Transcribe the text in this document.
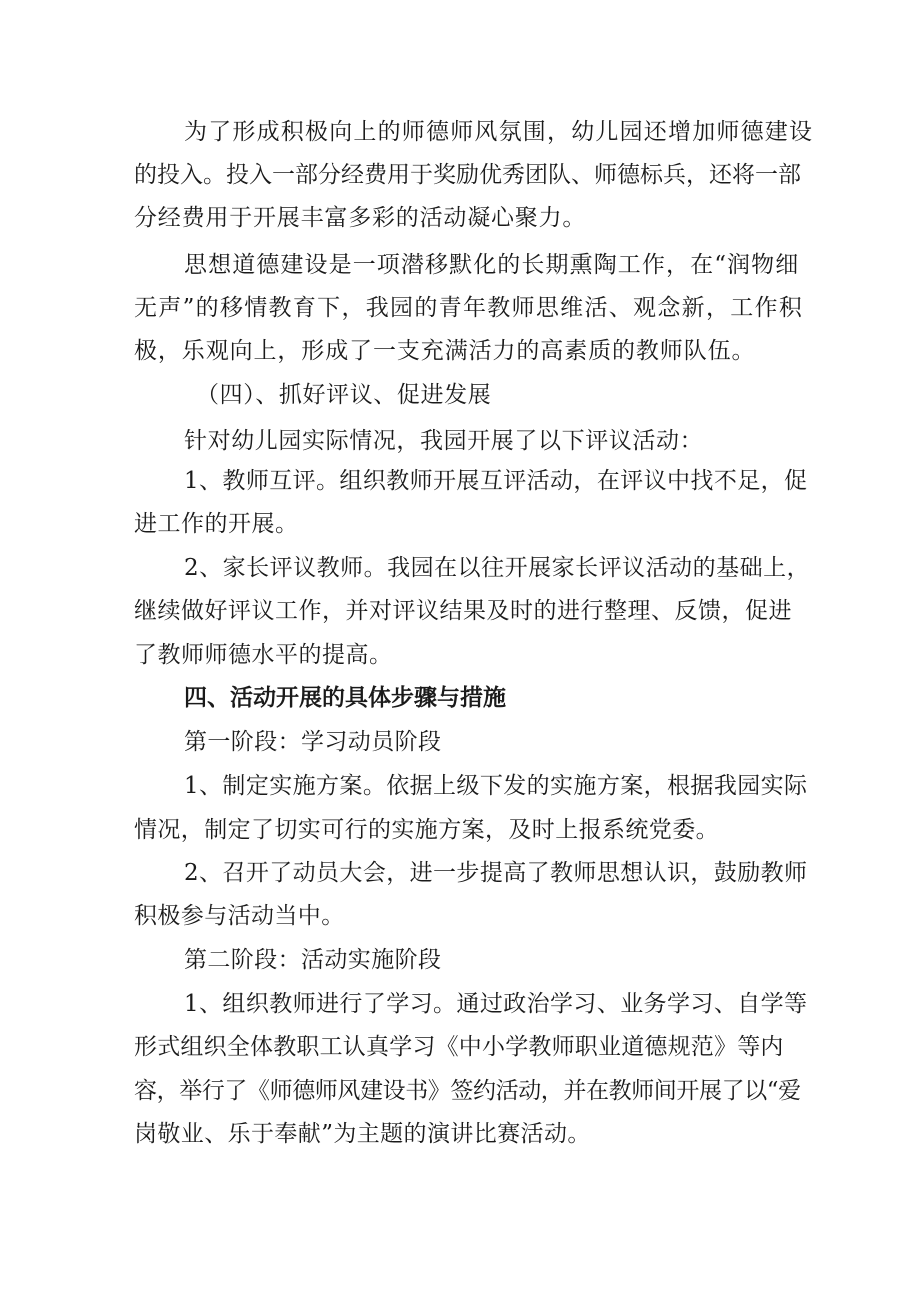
为了形成积极向上的师德师风氛围，幼儿园还增加师德建设
的投入。投入一部分经费用于奖励优秀团队、师德标兵，还将一部
分经费用于开展丰富多彩的活动凝心聚力。
思想道德建设是一项潜移默化的长期熏陶工作，在“润物细
无声”的移情教育下，我园的青年教师思维活、观念新，工作积
极，乐观向上，形成了一支充满活力的高素质的教师队伍。
（四）、抓好评议、促进发展
针对幼儿园实际情况，我园开展了以下评议活动：
1、教师互评。组织教师开展互评活动，在评议中找不足，促
进工作的开展。
2、家长评议教师。我园在以往开展家长评议活动的基础上，
继续做好评议工作，并对评议结果及时的进行整理、反馈，促进
了教师师德水平的提高。
四、活动开展的具体步骤与措施
第一阶段：学习动员阶段
1、制定实施方案。依据上级下发的实施方案，根据我园实际
情况，制定了切实可行的实施方案，及时上报系统党委。
2、召开了动员大会，进一步提高了教师思想认识，鼓励教师
积极参与活动当中。
第二阶段：活动实施阶段
1、组织教师进行了学习。通过政治学习、业务学习、自学等
形式组织全体教职工认真学习《中小学教师职业道德规范》等内
容，举行了《师德师风建设书》签约活动，并在教师间开展了以“爱
岗敬业、乐于奉献”为主题的演讲比赛活动。
